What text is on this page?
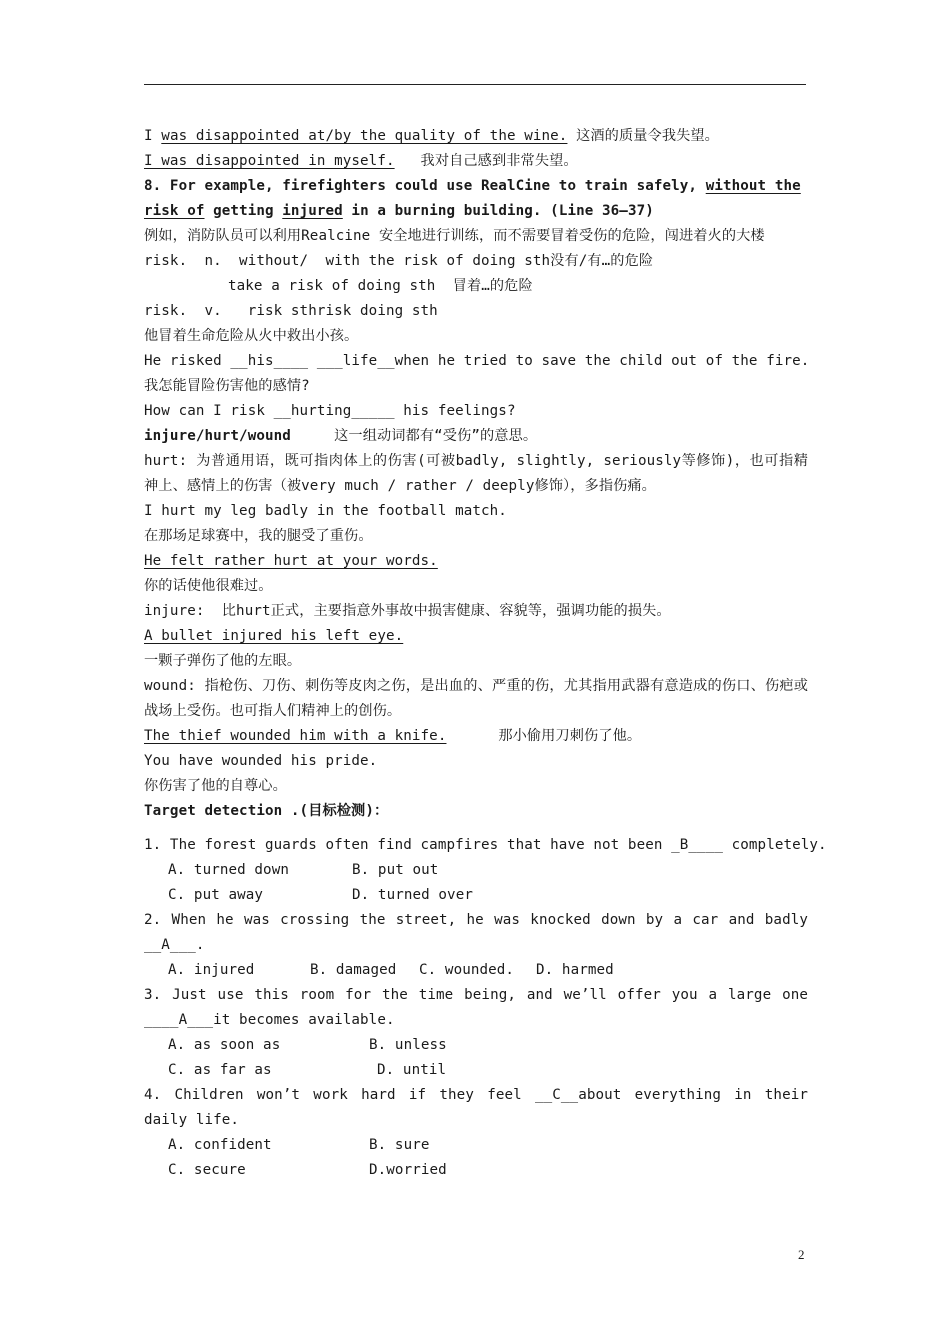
I was disappointed at/by the quality of the wine. 这酒的质量令我失望。
I was disappointed in myself.   我对自己感到非常失望。
8. For example, firefighters could use RealCine to train safely, without the
risk of getting injured in a burning building. (Line 36—37)
例如，消防队员可以利用Realcine 安全地进行训练，而不需要冒着受伤的危险，闯进着火的大楼
risk.  n.  without/  with the risk of doing sth没有/有…的危险
take a risk of doing sth  冒着…的危险
risk.  v.   risk sthrisk doing sth
他冒着生命危险从火中救出小孩。
He risked __his____ ___life__when he tried to save the child out of the fire.
我怎能冒险伤害他的感情?
How can I risk __hurting_____ his feelings?
injure/hurt/wound     这一组动词都有“受伤”的意思。
hurt: 为普通用语，既可指肉体上的伤害(可被badly, slightly, seriously等修饰)，也可指精神上、感情上的伤害（被very much / rather / deeply修饰），多指伤痛。
I hurt my leg badly in the football match.
在那场足球赛中，我的腿受了重伤。
He felt rather hurt at your words.
你的话使他很难过。
injure:  比hurt正式，主要指意外事故中损害健康、容貌等，强调功能的损失。
A bullet injured his left eye.
一颗子弹伤了他的左眼。
wound: 指枪伤、刀伤、刺伤等皮肉之伤，是出血的、严重的伤，尤其指用武器有意造成的伤口、伤疤或战场上受伤。也可指人们精神上的创伤。
The thief wounded him with a knife.      那小偷用刀刺伤了他。
You have wounded his pride.
你伤害了他的自尊心。
Target detection .(目标检测)：
1. The forest guards often find campfires that have not been _B____ completely.
A. turned down	B. put out
C. put away	D. turned over
2. When he was crossing the street, he was knocked down by a car and badly __A___.
A. injured	B. damaged C. wounded. D. harmed
3. Just use this room for the time being, and we’ll offer you a large one ____A___it becomes available.
A. as soon as	B. unless
C. as far as	D. until
4. Children won’t work hard if they feel __C__about everything in their daily life.
A. confident	B. sure
C. secure	D.worried
2
